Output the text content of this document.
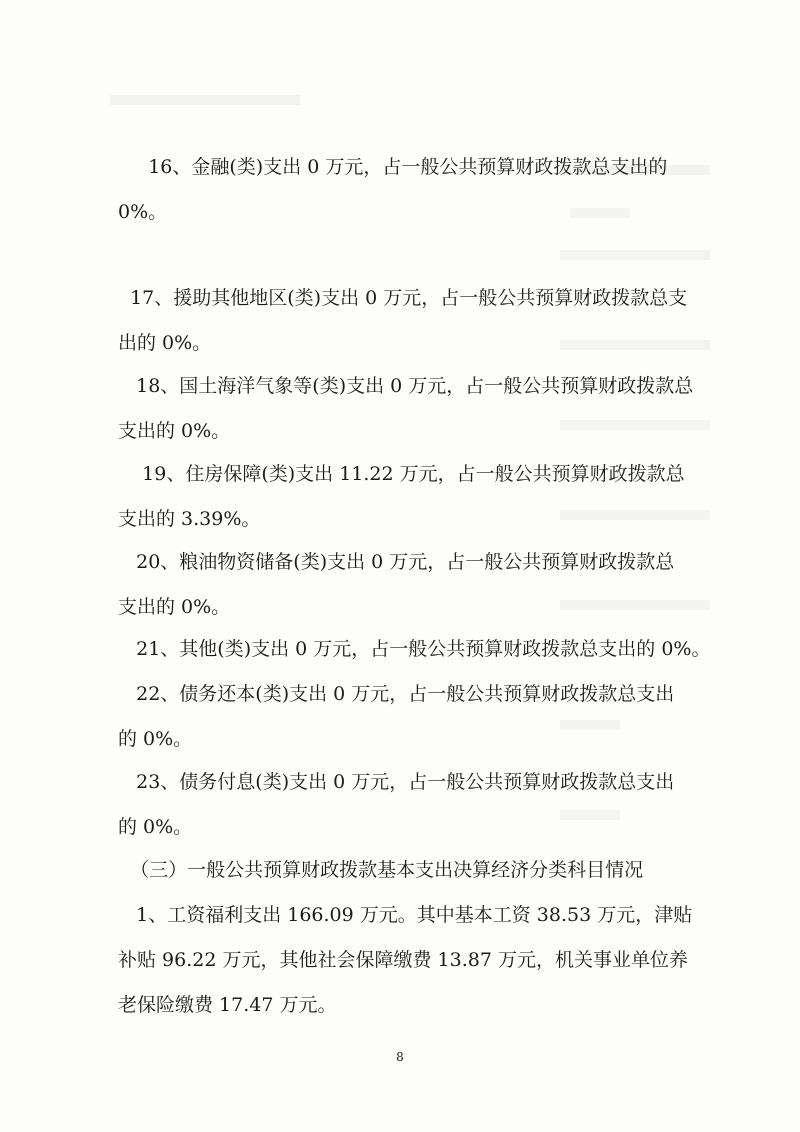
16、金融(类)支出 0 万元，占一般公共预算财政拨款总支出的
0%。
17、援助其他地区(类)支出 0 万元，占一般公共预算财政拨款总支
出的 0%。
18、国土海洋气象等(类)支出 0 万元，占一般公共预算财政拨款总
支出的 0%。
19、住房保障(类)支出 11.22 万元，占一般公共预算财政拨款总
支出的 3.39%。
20、粮油物资储备(类)支出 0 万元，占一般公共预算财政拨款总
支出的 0%。
21、其他(类)支出 0 万元，占一般公共预算财政拨款总支出的 0%。
22、债务还本(类)支出 0 万元，占一般公共预算财政拨款总支出
的 0%。
23、债务付息(类)支出 0 万元，占一般公共预算财政拨款总支出
的 0%。
（三）一般公共预算财政拨款基本支出决算经济分类科目情况
1、工资福利支出 166.09 万元。其中基本工资 38.53 万元，津贴
补贴 96.22 万元，其他社会保障缴费 13.87 万元，机关事业单位养
老保险缴费 17.47 万元。
8
